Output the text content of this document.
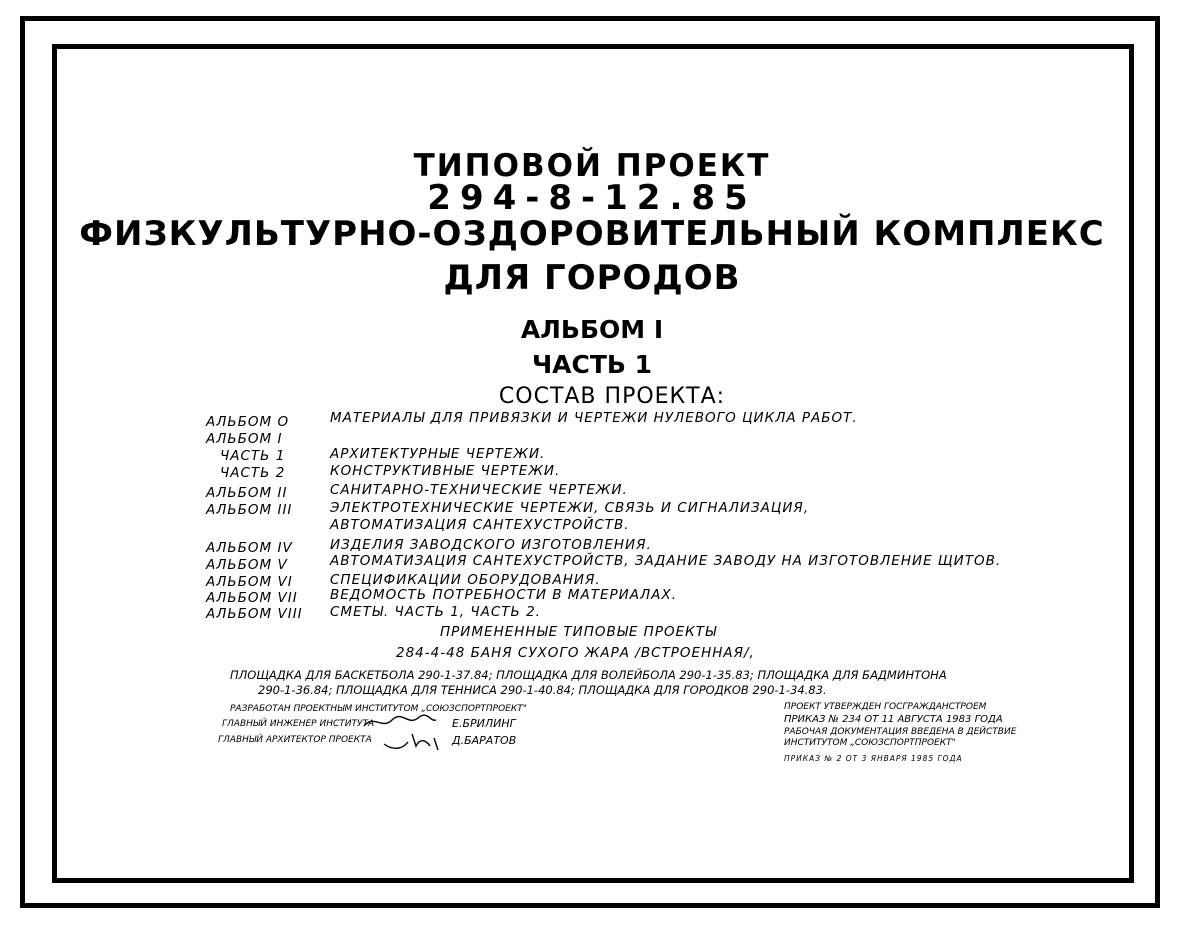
ТИПОВОЙ ПРОЕКТ
294-8-12.85
ФИЗКУЛЬТУРНО-ОЗДОРОВИТЕЛЬНЫЙ КОМПЛЕКС
ДЛЯ ГОРОДОВ
АЛЬБОМ I
ЧАСТЬ 1
СОСТАВ ПРОЕКТА:
АЛЬБОМ О	МАТЕРИАЛЫ ДЛЯ ПРИВЯЗКИ И ЧЕРТЕЖИ НУЛЕВОГО ЦИКЛА РАБОТ.
АЛЬБОМ I
ЧАСТЬ 1	АРХИТЕКТУРНЫЕ ЧЕРТЕЖИ.
ЧАСТЬ 2	КОНСТРУКТИВНЫЕ ЧЕРТЕЖИ.
АЛЬБОМ II	САНИТАРНО-ТЕХНИЧЕСКИЕ ЧЕРТЕЖИ.
АЛЬБОМ III	ЭЛЕКТРОТЕХНИЧЕСКИЕ ЧЕРТЕЖИ, СВЯЗЬ И СИГНАЛИЗАЦИЯ,
АВТОМАТИЗАЦИЯ САНТЕХУСТРОЙСТВ.
АЛЬБОМ IV	ИЗДЕЛИЯ ЗАВОДСКОГО ИЗГОТОВЛЕНИЯ.
АЛЬБОМ V	АВТОМАТИЗАЦИЯ САНТЕХУСТРОЙСТВ, ЗАДАНИЕ ЗАВОДУ НА ИЗГОТОВЛЕНИЕ ЩИТОВ.
АЛЬБОМ VI	СПЕЦИФИКАЦИИ ОБОРУДОВАНИЯ.
АЛЬБОМ VII ВЕДОМОСТЬ ПОТРЕБНОСТИ В МАТЕРИАЛАХ.
АЛЬБОМ VIII СМЕТЫ. ЧАСТЬ 1, ЧАСТЬ 2.
ПРИМЕНЕННЫЕ ТИПОВЫЕ ПРОЕКТЫ
284-4-48 БАНЯ СУХОГО ЖАРА /ВСТРОЕННАЯ/,
ПЛОЩАДКА ДЛЯ БАСКЕТБОЛА 290-1-37.84; ПЛОЩАДКА ДЛЯ ВОЛЕЙБОЛА 290-1-35.83; ПЛОЩАДКА ДЛЯ БАДМИНТОНА
290-1-36.84; ПЛОЩАДКА ДЛЯ ТЕННИСА 290-1-40.84; ПЛОЩАДКА ДЛЯ ГОРОДКОВ 290-1-34.83.
РАЗРАБОТАН ПРОЕКТНЫМ ИНСТИТУТОМ „СОЮЗСПОРТПРОЕКТ"
ГЛАВНЫЙ ИНЖЕНЕР ИНСТИТУТА	Е.БРИЛИНГ
ГЛАВНЫЙ АРХИТЕКТОР ПРОЕКТА	Д.БАРАТОВ
ПРОЕКТ УТВЕРЖДЕН ГОСГРАЖДАНСТРОЕМ
ПРИКАЗ № 234 ОТ 11 АВГУСТА 1983 ГОДА
РАБОЧАЯ ДОКУМЕНТАЦИЯ ВВЕДЕНА В ДЕЙСТВИЕ
ИНСТИТУТОМ „СОЮЗСПОРТПРОЕКТ"
ПРИКАЗ № 2 ОТ 3 ЯНВАРЯ 1985 ГОДА
